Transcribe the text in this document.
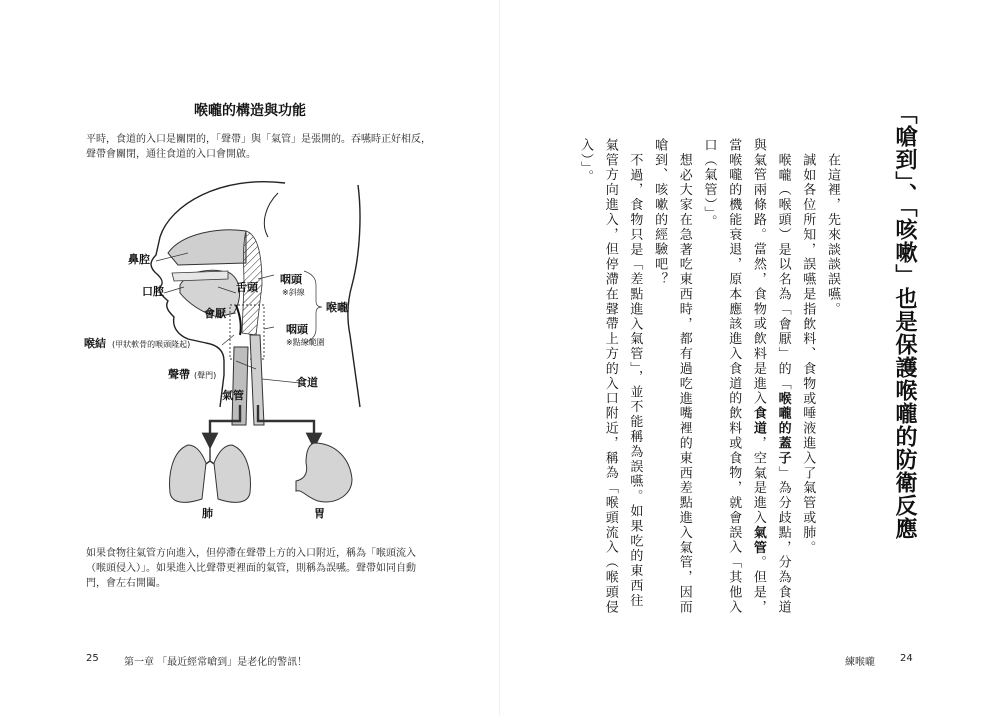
喉嚨的構造與功能
平時，食道的入口是關閉的，「聲帶」與「氣管」是張開的。吞嚥時正好相反，聲帶會關閉，通往食道的入口會開啟。
鼻腔
口腔	舌頭
會厭
喉結 (甲狀軟骨的喉頭隆起)
聲帶 (聲門)
氣管
咽頭
※斜線
咽頭
※點線範圍
喉嚨
食道
肺	胃
如果食物往氣管方向進入，但停滯在聲帶上方的入口附近，稱為「喉頭流入（喉頭侵入）」。如果進入比聲帶更裡面的氣管，則稱為誤嚥。聲帶如同自動門，會左右開闔。
25	第一章 「最近經常嗆到」是老化的警訊！
「嗆到」、「咳嗽」也是保護喉嚨的防衛反應
在這裡，先來談談誤嚥。
誠如各位所知，誤嚥是指飲料、食物或唾液進入了氣管或肺。
喉嚨（喉頭）是以名為「會厭」的「喉嚨的蓋子」為分歧點，分為食道
與氣管兩條路。當然，食物或飲料是進入食道，空氣是進入氣管。但是，
當喉嚨的機能衰退，原本應該進入食道的飲料或食物，就會誤入「其他入
口（氣管）」。
想必大家在急著吃東西時，都有過吃進嘴裡的東西差點進入氣管，因而
嗆到、咳嗽的經驗吧？
不過，食物只是「差點進入氣管」，並不能稱為誤嚥。如果吃的東西往
氣管方向進入，但停滯在聲帶上方的入口附近，稱為「喉頭流入（喉頭侵
入）」。
練喉嚨	24
